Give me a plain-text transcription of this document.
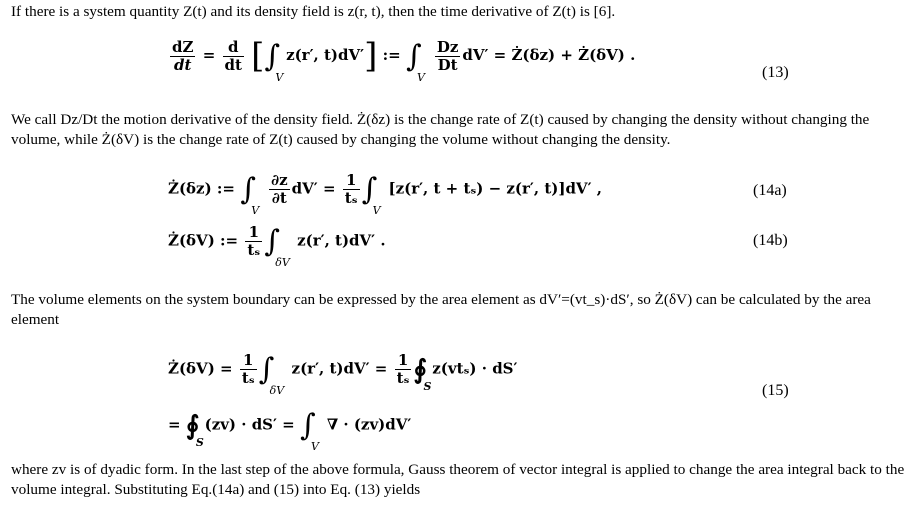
If there is a system quantity Z(t) and its density field is z(r, t), then the time derivative of Z(t) is [6].

$\frac{dZ}{dt} = \frac{d}{dt}$ [∫
V
z(r′, t)dV′] := ∫
V

$\frac{Dz}{Dt} dV'$ = Ż(δz) + Ż(δV) .
(13)

We call Dz/Dt the motion derivative of the density field. Ż(δz) is the change rate of Z(t) caused by changing the density without changing the volume, while Ż(δV) is the change rate of Z(t) caused by changing the volume without changing the density.

Ż(δz) := ∫
V

$\frac{\partial z}{\partial t} dV' = \frac{1}{\text{tₛ}}$ ∫
V
[z(r′, t + tₛ) − z(r′, t)]dV′ ,	(14a)
Ż(δV) := $\frac{1}{\text{tₛ}}$ ∫
δV
z(r′, t)dV′ .	(14b)

The volume elements on the system boundary can be expressed by the area element as dV′=(vt_s)·dS′, so Ż(δV) can be calculated by the area element

Ż(δV) = $\frac{1}{\text{tₛ}}$ ∫
δV
z(r′, $t)dV' = \frac{1}{\text{tₛ}}$ ∮
S
z(vtₛ) · dS′
= ∮
S
(zv) · dS′ = ∫
V
∇ · (zv)dV′
(15)

where zv is of dyadic form. In the last step of the above formula, Gauss theorem of vector integral is applied to change the area integral back to the volume integral. Substituting Eq.(14a) and (15) into Eq. (13) yields
